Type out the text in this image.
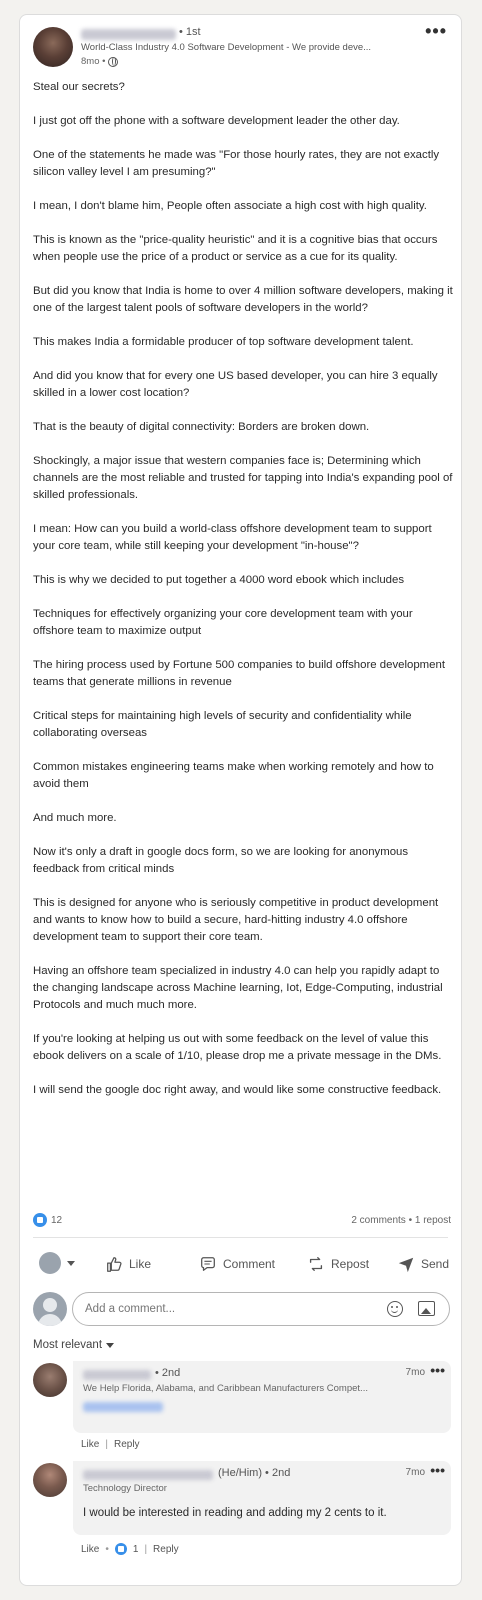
• 1st
World-Class Industry 4.0 Software Development - We provide deve...
8mo •
•••

Steal our secrets?

I just got off the phone with a software development leader the other day.

One of the statements he made was "For those hourly rates, they are not exactly silicon valley level I am presuming?"

I mean, I don't blame him, People often associate a high cost with high quality.

This is known as the "price-quality heuristic" and it is a cognitive bias that occurs when people use the price of a product or service as a cue for its quality.

But did you know that India is home to over 4 million software developers, making it one of the largest talent pools of software developers in the world?

This makes India a formidable producer of top software development talent.

And did you know that for every one US based developer, you can hire 3 equally skilled in a lower cost location?

That is the beauty of digital connectivity: Borders are broken down.

Shockingly, a major issue that western companies face is; Determining which channels are the most reliable and trusted for tapping into India's expanding pool of skilled professionals.

I mean: How can you build a world-class offshore development team to support your core team, while still keeping your development "in-house"?

This is why we decided to put together a 4000 word ebook which includes

Techniques for effectively organizing your core development team with your offshore team to maximize output

The hiring process used by Fortune 500 companies to build offshore development teams that generate millions in revenue

Critical steps for maintaining high levels of security and confidentiality while collaborating overseas

Common mistakes engineering teams make when working remotely and how to avoid them

And much more.

Now it's only a draft in google docs form, so we are looking for anonymous feedback from critical minds

This is designed for anyone who is seriously competitive in product development and wants to know how to build a secure, hard-hitting industry 4.0 offshore development team to support their core team.

Having an offshore team specialized in industry 4.0 can help you rapidly adapt to the changing landscape across Machine learning, Iot, Edge-Computing, industrial Protocols and much much more.

If you're looking at helping us out with some feedback on the level of value this ebook delivers on a scale of 1/10, please drop me a private message in the DMs.

I will send the google doc right away, and would like some constructive feedback.

12	2 comments • 1 repost
Like	Comment	Repost	Send
Add a comment...
Most relevant
• 2nd	7mo •••
We Help Florida, Alabama, and Caribbean Manufacturers Compet...
Like | Reply
(He/Him) • 2nd	7mo •••
Technology Director
I would be interested in reading and adding my 2 cents to it.
Like • 1 | Reply
